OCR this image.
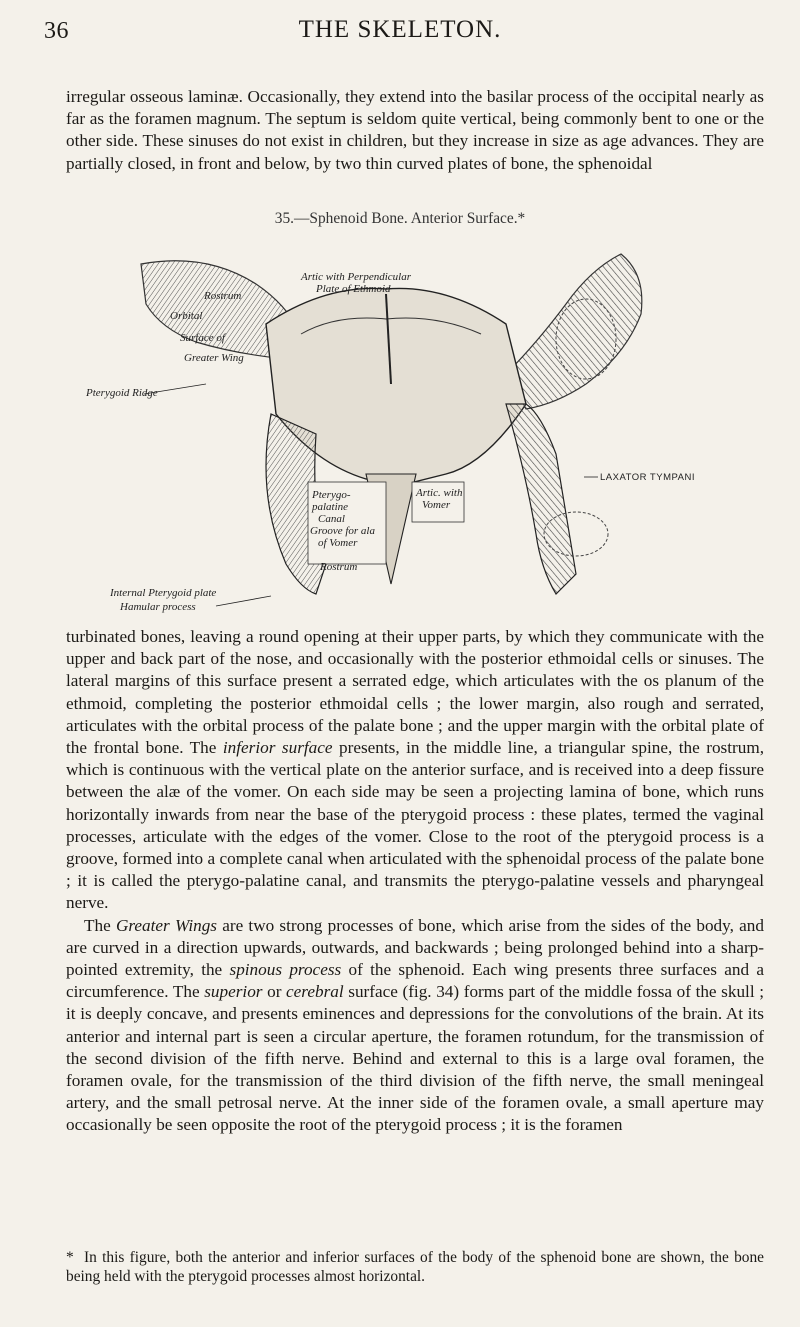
36	THE SKELETON.

irregular osseous laminæ. Occasionally, they extend into the basilar process of the occipital nearly as far as the foramen magnum. The septum is seldom quite vertical, being commonly bent to one or the other side. These sinuses do not exist in children, but they increase in size as age advances. They are partially closed, in front and below, by two thin curved plates of bone, the sphenoidal

35.—Sphenoid Bone. Anterior Surface.*
Rostrum
Artic with Perpendicular
Plate of Ethmoid
Orbital
Surface of
Greater Wing
Pterygoid Ridge
Pterygo-
palatine
Canal
Groove for ala
of Vomer
Artic. with
Vomer
Rostrum
LAXATOR TYMPANI
Internal Pterygoid plate
Hamular process

turbinated bones, leaving a round opening at their upper parts, by which they communicate with the upper and back part of the nose, and occasionally with the posterior ethmoidal cells or sinuses. The lateral margins of this surface present a serrated edge, which articulates with the os planum of the ethmoid, completing the posterior ethmoidal cells ; the lower margin, also rough and serrated, articulates with the orbital process of the palate bone ; and the upper margin with the orbital plate of the frontal bone. The inferior surface presents, in the middle line, a triangular spine, the rostrum, which is continuous with the vertical plate on the anterior surface, and is received into a deep fissure between the alæ of the vomer. On each side may be seen a projecting lamina of bone, which runs horizontally inwards from near the base of the pterygoid process : these plates, termed the vaginal processes, articulate with the edges of the vomer. Close to the root of the pterygoid process is a groove, formed into a complete canal when articulated with the sphenoidal process of the palate bone ; it is called the pterygo-palatine canal, and transmits the pterygo-palatine vessels and pharyngeal nerve.

The Greater Wings are two strong processes of bone, which arise from the sides of the body, and are curved in a direction upwards, outwards, and backwards ; being prolonged behind into a sharp-pointed extremity, the spinous process of the sphenoid. Each wing presents three surfaces and a circumference. The superior or cerebral surface (fig. 34) forms part of the middle fossa of the skull ; it is deeply concave, and presents eminences and depressions for the convolutions of the brain. At its anterior and internal part is seen a circular aperture, the foramen rotundum, for the transmission of the second division of the fifth nerve. Behind and external to this is a large oval foramen, the foramen ovale, for the transmission of the third division of the fifth nerve, the small meningeal artery, and the small petrosal nerve. At the inner side of the foramen ovale, a small aperture may occasionally be seen opposite the root of the pterygoid process ; it is the foramen

* In this figure, both the anterior and inferior surfaces of the body of the sphenoid bone are shown, the bone being held with the pterygoid processes almost horizontal.
